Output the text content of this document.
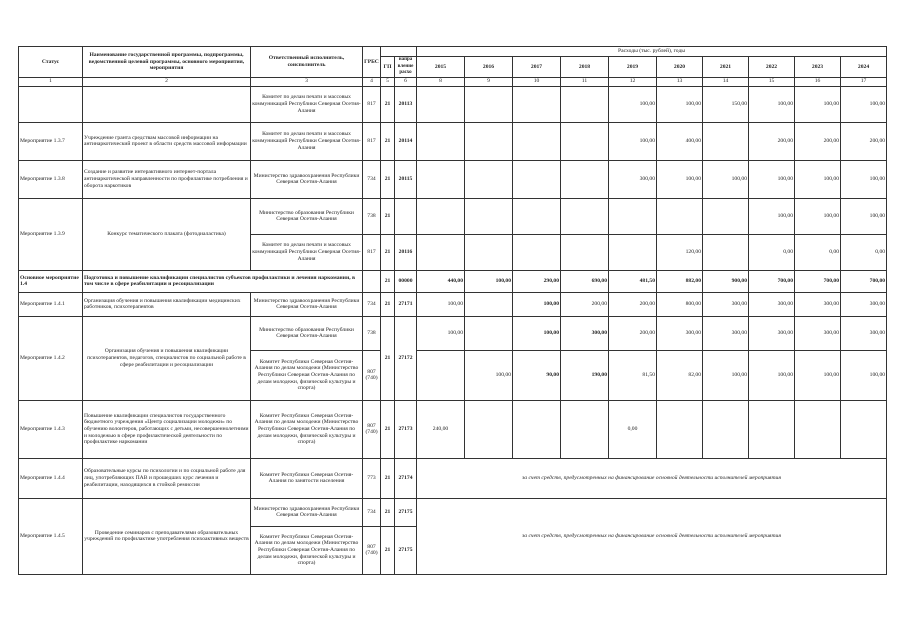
Статус	Наименование государственной программы, подпрограммы, ведомственной целевой программы, основного мероприятия, мероприятия	Ответственный исполнитель, соисполнитель	ГРБС			Расходы (тыс. рублей), годы									
				ГП	напра вление расхо	2015	2016	2017	2018	2019	2020	2021	2022	2023	2024
1	2	3	4	5	6	8	9	10	11	12	13	14	15	16	17
		Комитет по делам печати и массовых коммуникаций Республики Северная Осетия-Алания	817	21	20113					100,00	100,00	150,00	100,00	100,00	100,00
Мероприятие 1.3.7	Учреждение гранта средствам массовой информации на антинаркотический проект в области средств массовой информации	Комитет по делам печати и массовых коммуникаций Республики Северная Осетия-Алания	817	21	20114					100,00	400,00		200,00	200,00	200,00
Мероприятие 1.3.8	Создание и развитие интерактивного интернет-портала антинаркотической направленности по профилактике потребления и оборота наркотиков	Министерство здравоохранения Республики Северная Осетия-Алания	734	21	20115					300,00	100,00	100,00	100,00	100,00	100,00
Мероприятие 1.3.9	Конкурс тематического плаката (фотодиаластика)	Министерство образования Республики Северная Осетия-Алания	738	21									100,00	100,00	100,00
		Комитет по делам печати и массовых коммуникаций Республики Северная Осетия-Алания	817	21	20116						120,00		0,00	0,00	0,00
Основное мероприятие 1.4	Подготовка и повышение квалификации специалистов субъектов профилактики и лечения наркомании, в том числе в сфере реабилитации и ресоциализации			21	00000	440,00	100,00	290,00	690,00	481,50	882,00	900,00	700,00	700,00	700,00
Мероприятие 1.4.1	Организация обучения и повышения квалификации медицинских работников, психотерапевтов	Министерство здравоохранения Республики Северная Осетия-Алания	734	21	27171	100,00		100,00	200,00	200,00	800,00	300,00	300,00	300,00	300,00
Мероприятие 1.4.2	Организация обучения и повышения квалификации психотерапевтов, педагогов, специалистов по социальной работе в сфере реабилитации и ресоциализации	Министерство образования Республики Северная Осетия-Алания	738	21	27172	100,00		100,00	300,00	200,00	300,00	300,00	300,00	300,00	300,00
		Комитет Республики Северная Осетия-Алания по делам молодежи (Министерство Республики Северная Осетия-Алания по делам молодежи, физической культуры и спорта)	807 (740)				100,00	90,00	190,00	81,50	82,00	100,00	100,00	100,00	100,00
Мероприятие 1.4.3	Повышение квалификации специалистов государственного бюджетного учреждения «Центр социализации молодежи» по обучению волонтеров, работающих с детьми, несовершеннолетними и молодежью в сфере профилактической деятельности по профилактике наркомании	Комитет Республики Северная Осетия-Алания по делам молодежи (Министерство Республики Северная Осетия-Алания по делам молодежи, физической культуры и спорта)	807 (740)	21	27173	240,00				0,00					
Мероприятие 1.4.4	Образовательные курсы по психологии и по социальной работе для лиц, употребляющих ПАВ и прошедших курс лечения и реабилитации, находящихся в стойкой ремиссии	Комитет Республики Северная Осетия-Алания по занятости населения	773	21	27174	за счет средств, предусмотренных на финансирование основной деятельности исполнителей мероприятия									
Мероприятие 1.4.5	Проведение семинаров с преподавателями образовательных учреждений по профилактике употребления психоактивных веществ	Министерство здравоохранения Республики Северная Осетия-Алания	734	21	27175	за счет средств, предусмотренных на финансирование основной деятельности исполнителей мероприятия									
		Комитет Республики Северная Осетия-Алания по делам молодежи (Министерство Республики Северная Осетия-Алания по делам молодежи, физической культуры и спорта)	807 (740)	21	27175										
